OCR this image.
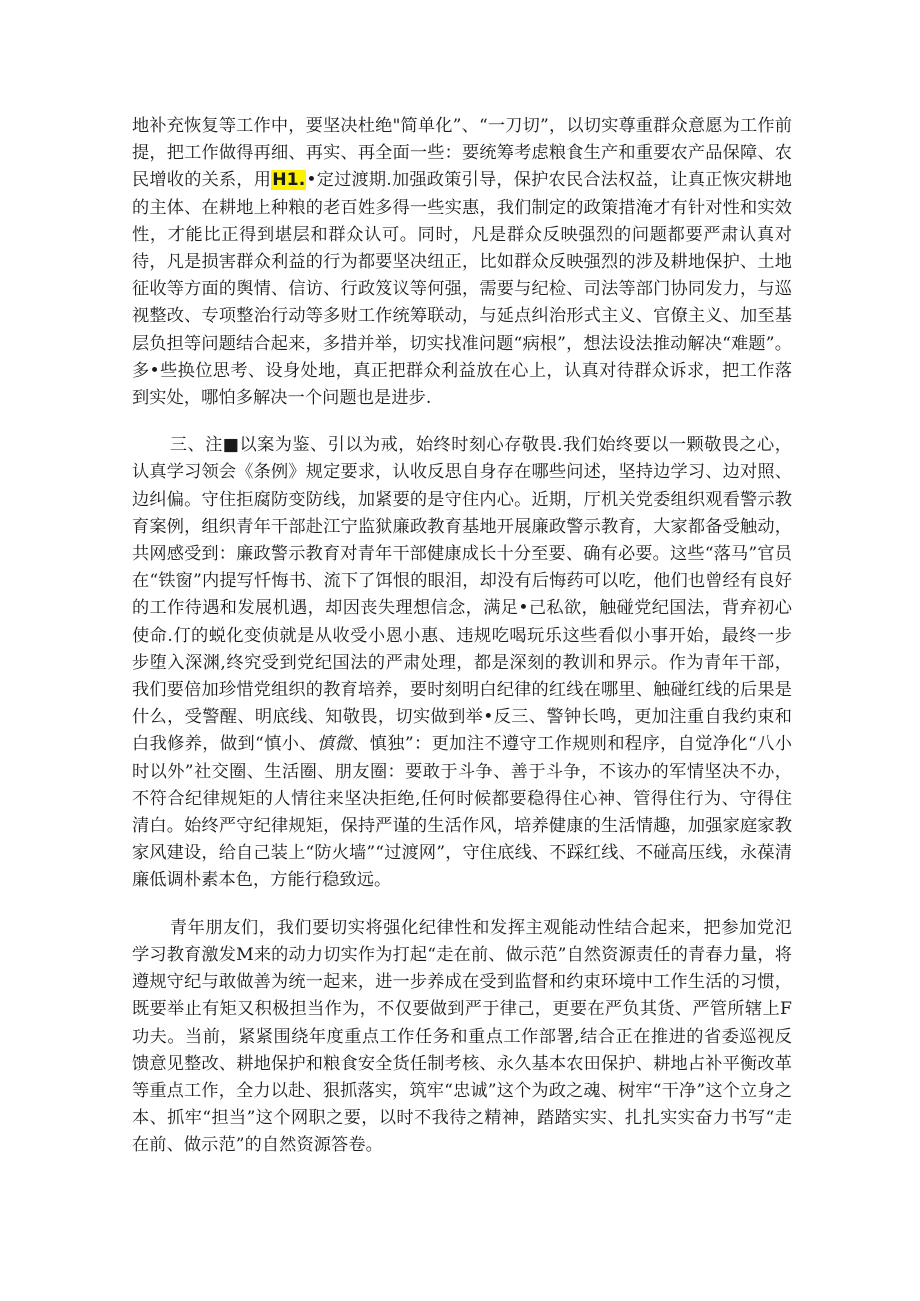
地补充恢复等工作中，要坚决杜绝"简单化”、“一刀切”，以切实尊重群众意愿为工作前提，把工作做得再细、再实、再全面一些：要统筹考虑粮食生产和重要农产品保障、农民增收的关系，用H1.•定过渡期.加强政策引导，保护农民合法权益，让真正恢灾耕地的主体、在耕地上种粮的老百姓多得一些实惠，我们制定的政策措淹才有针对性和实效性，才能比正得到堪层和群众认可。同时，凡是群众反映强烈的问题都要严肃认真对待，凡是损害群众利益的行为都要坚决纽正，比如群众反映强烈的涉及耕地保护、土地征收等方面的舆情、信访、行政笈议等何强，需要与纪检、司法等部门协同发力，与巡视整改、专项整治行动等多财工作统筹联动，与延点纠治形式主义、官僚主义、加至基层负担等问题结合起来，多措并举，切实找准问题“病根”，想法设法推动解决“难题”。多•些换位思考、设身处地，真正把群众利益放在心上，认真对待群众诉求，把工作落到实处，哪怕多解决一个问题也是进步.

三、注■以案为鉴、引以为戒，始终时刻心存敬畏.我们始终要以一颗敬畏之心，认真学习领会《条例》规定要求，认收反思自身存在哪些问述，坚持边学习、边对照、边纠偏。守住拒腐防变防线，加紧要的是守住内心。近期，厅机关党委组织观看警示教育案例，组织青年干部赴江宁监狱廉政教育基地开展廉政警示教育，大家都备受触动，共网感受到：廉政警示教育对青年干部健康成长十分至要、确有必要。这些“落马”官员在“铁窗”内提写忏悔书、流下了饵恨的眼泪，却没有后悔药可以吃，他们也曾经有良好的工作待遇和发展机遇，却因丧失理想信念，满足•己私欲，触碰党纪国法，背弃初心使命.仃的蜕化变侦就是从收受小恩小惠、违规吃喝玩乐这些看似小事开始，最终一步步堕入深渊,终究受到党纪国法的严肃处理，都是深刻的教训和界示。作为青年干部，我们要倍加珍惜党组织的教育培养，要时刻明白纪律的红线在哪里、触碰红线的后果是什么，受警醒、明底线、知敬畏，切实做到举•反三、警钟长鸣，更加注重自我约束和白我修养，做到“慎小、慎微、慎独”：更加注不遵守工作规则和程序，自觉净化“八小时以外”社交圈、生活圈、朋友圈：要敢于斗争、善于斗争，不该办的军情坚决不办，不符合纪律规矩的人情往来坚决拒绝,任何时候都要稳得住心神、管得住行为、守得住清白。始终严守纪律规矩，保持严谨的生活作风，培养健康的生活情趣，加强家庭家教家风建设，给自己装上“防火墙”“过渡网”，守住底线、不踩红线、不碰高压线，永葆清廉低调朴素本色，方能行稳致远。

青年朋友们，我们要切实将强化纪律性和发挥主观能动性结合起来，把参加党氾学习教育激发M来的动力切实作为打起“走在前、做示范”自然资源责任的青春力量，将遵规守纪与敢做善为统一起来，进一步养成在受到监督和约束环境中工作生活的习惯，既要举止有矩又积极担当作为，不仅要做到严于律己，更要在严负其货、严管所辖上F功夫。当前，紧紧围绕年度重点工作任务和重点工作部署,结合正在推进的省委巡视反馈意见整改、耕地保护和粮食安全货任制考核、永久基本农田保护、耕地占补平衡改革等重点工作，全力以赴、狠抓落实，筑牢“忠诚”这个为政之魂、树牢“干净”这个立身之本、抓牢“担当”这个网职之要，以时不我待之精神，踏踏实实、扎扎实实奋力书写“走在前、做示范”的自然资源答卷。
